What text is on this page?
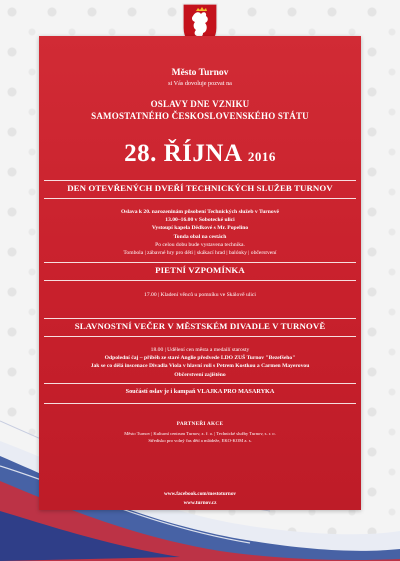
Město Turnov
si Vás dovoluje pozvat na
OSLAVY DNE VZNIKU
SAMOSTATNÉHO ČESKOSLOVENSKÉHO STÁTU
28. ŘÍJNA 2016
DEN OTEVŘENÝCH DVEŘÍ TECHNICKÝCH SLUŽEB TURNOV
Oslava k 20. narozeninám působení Technických služeb v Turnově
13.00–16.00 v Sobotecké ulici
Vystoupí kapela Dědkové s Mr. Popelino
Tonda obal na cestách
Po celou dobu bude vystavena technika.
Tombola | zábavné hry pro děti | skákací hrad | balónky | občerstvení
PIETNÍ VZPOMÍNKA
17.00 | Kladení věnců u pomníku ve Skálově ulici
SLAVNOSTNÍ VEČER V MĚSTSKÉM DIVADLE V TURNOVĚ
18.00 | Udělení cen města a medailí starosty
Odpolední čaj – příběh ze staré Anglie předvede LDO ZUŠ Turnov "Bezefšeho"
Jak se co dělá inscenace Divadla Viola v hlavní roli s Petrem Kostkou a Carmen Mayerovou
Občerstvení zajištěno
Součástí oslav je i kampaň VLAJKA PRO MASARYKA
PARTNEŘI AKCE
Město Turnov | Kulturní centrum Turnov, z. ř. o. | Technické služby Turnov, s. r. o.
Středisko pro volný čas dětí a mládeže, EKO-KOM a. s.
www.facebook.com/mestoturnov
www.turnov.cz
